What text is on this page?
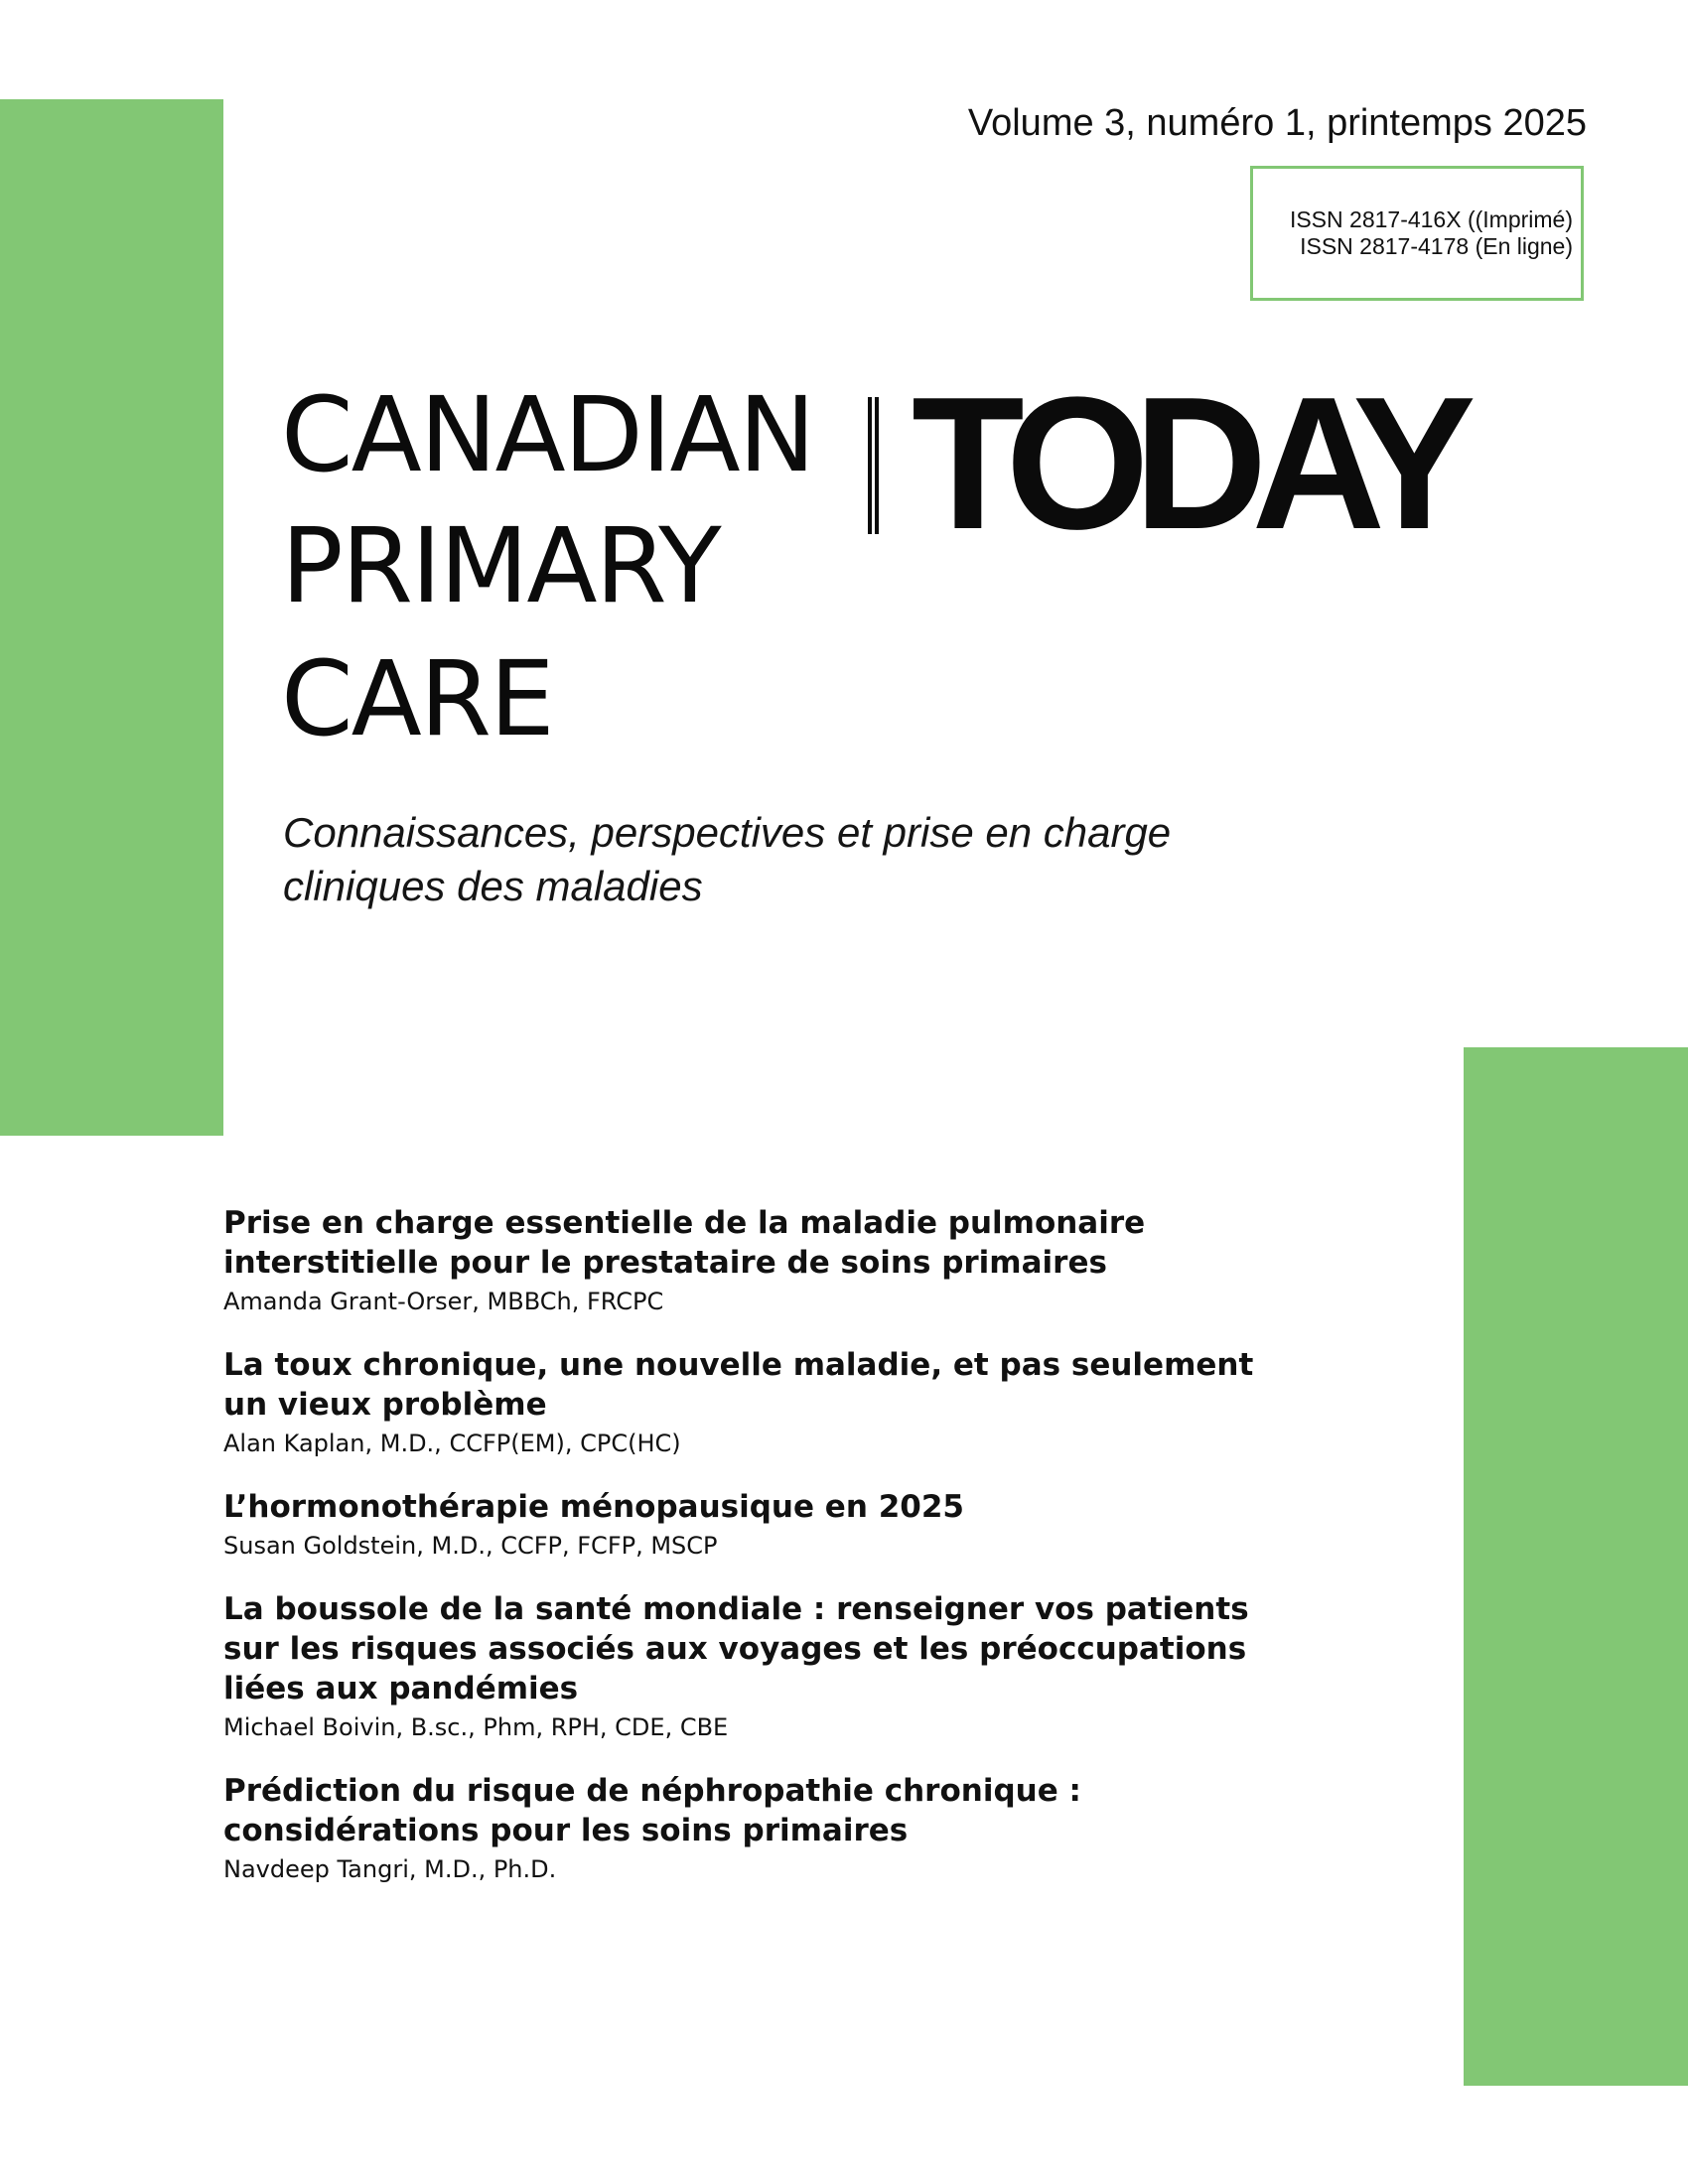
Volume 3, numéro 1, printemps 2025
ISSN 2817-416X ((Imprimé)
ISSN 2817-4178 (En ligne)
CANADIAN
PRIMARY
CARE
TODAY
Connaissances, perspectives et prise en charge
cliniques des maladies
Prise en charge essentielle de la maladie pulmonaire
interstitielle pour le prestataire de soins primaires
Amanda Grant-Orser, MBBCh, FRCPC
La toux chronique, une nouvelle maladie, et pas seulement
un vieux problème
Alan Kaplan, M.D., CCFP(EM), CPC(HC)
L’hormonothérapie ménopausique en 2025
Susan Goldstein, M.D., CCFP, FCFP, MSCP
La boussole de la santé mondiale : renseigner vos patients
sur les risques associés aux voyages et les préoccupations
liées aux pandémies
Michael Boivin, B.sc., Phm, RPH, CDE, CBE
Prédiction du risque de néphropathie chronique :
considérations pour les soins primaires
Navdeep Tangri, M.D., Ph.D.
